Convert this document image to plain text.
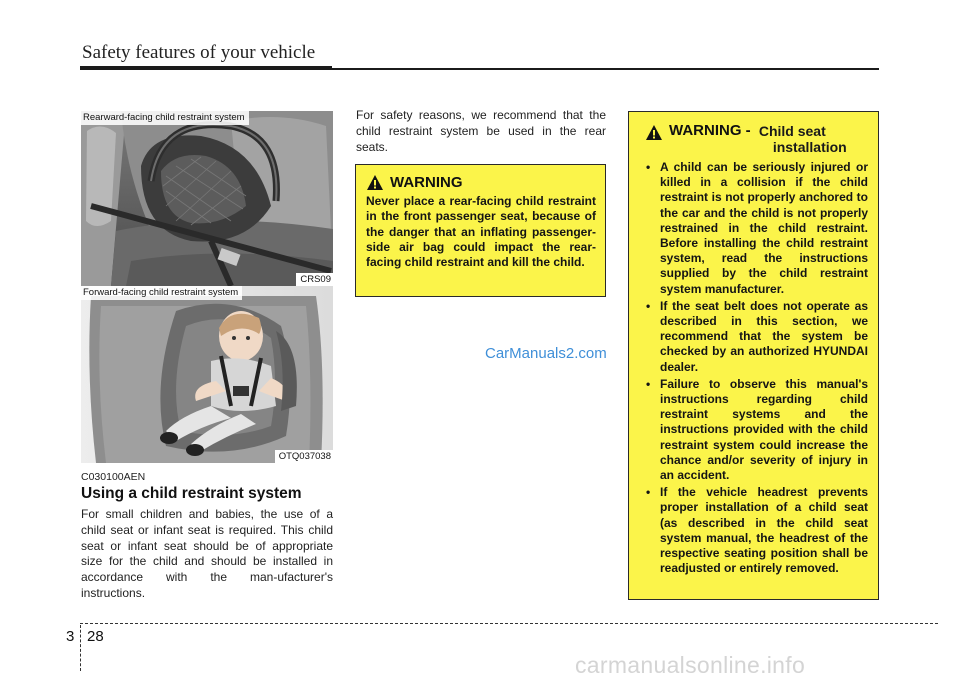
Safety features of your vehicle
Rearward-facing child restraint system
CRS09
Forward-facing child restraint system
OTQ037038
C030100AEN
Using a child restraint system
For small children and babies, the use of a child seat or infant seat is required. This child seat or infant seat should be of appropriate size for the child and should be installed in accordance with the man-ufacturer's instructions.
For safety reasons, we recommend that the child restraint system be used in the rear seats.
WARNING
Never place a rear-facing child restraint in the front passenger seat, because of the danger that an inflating passenger-side air bag could impact the rear-facing child restraint and kill the child.
CarManuals2.com
WARNING - Child seat
installation
• A child can be seriously injured or killed in a collision if the child restraint is not properly anchored to the car and the child is not properly restrained in the child restraint. Before installing the child restraint system, read the instructions supplied by the child restraint system manufacturer.
• If the seat belt does not operate as described in this section, we recommend that the system be checked by an authorized HYUNDAI dealer.
• Failure to observe this manual's instructions regarding child restraint systems and the instructions provided with the child restraint system could increase the chance and/or severity of injury in an accident.
• If the vehicle headrest prevents proper installation of a child seat (as described in the child seat system manual, the headrest of the respective seating position shall be readjusted or entirely removed.
3 28
carmanualsonline.info
